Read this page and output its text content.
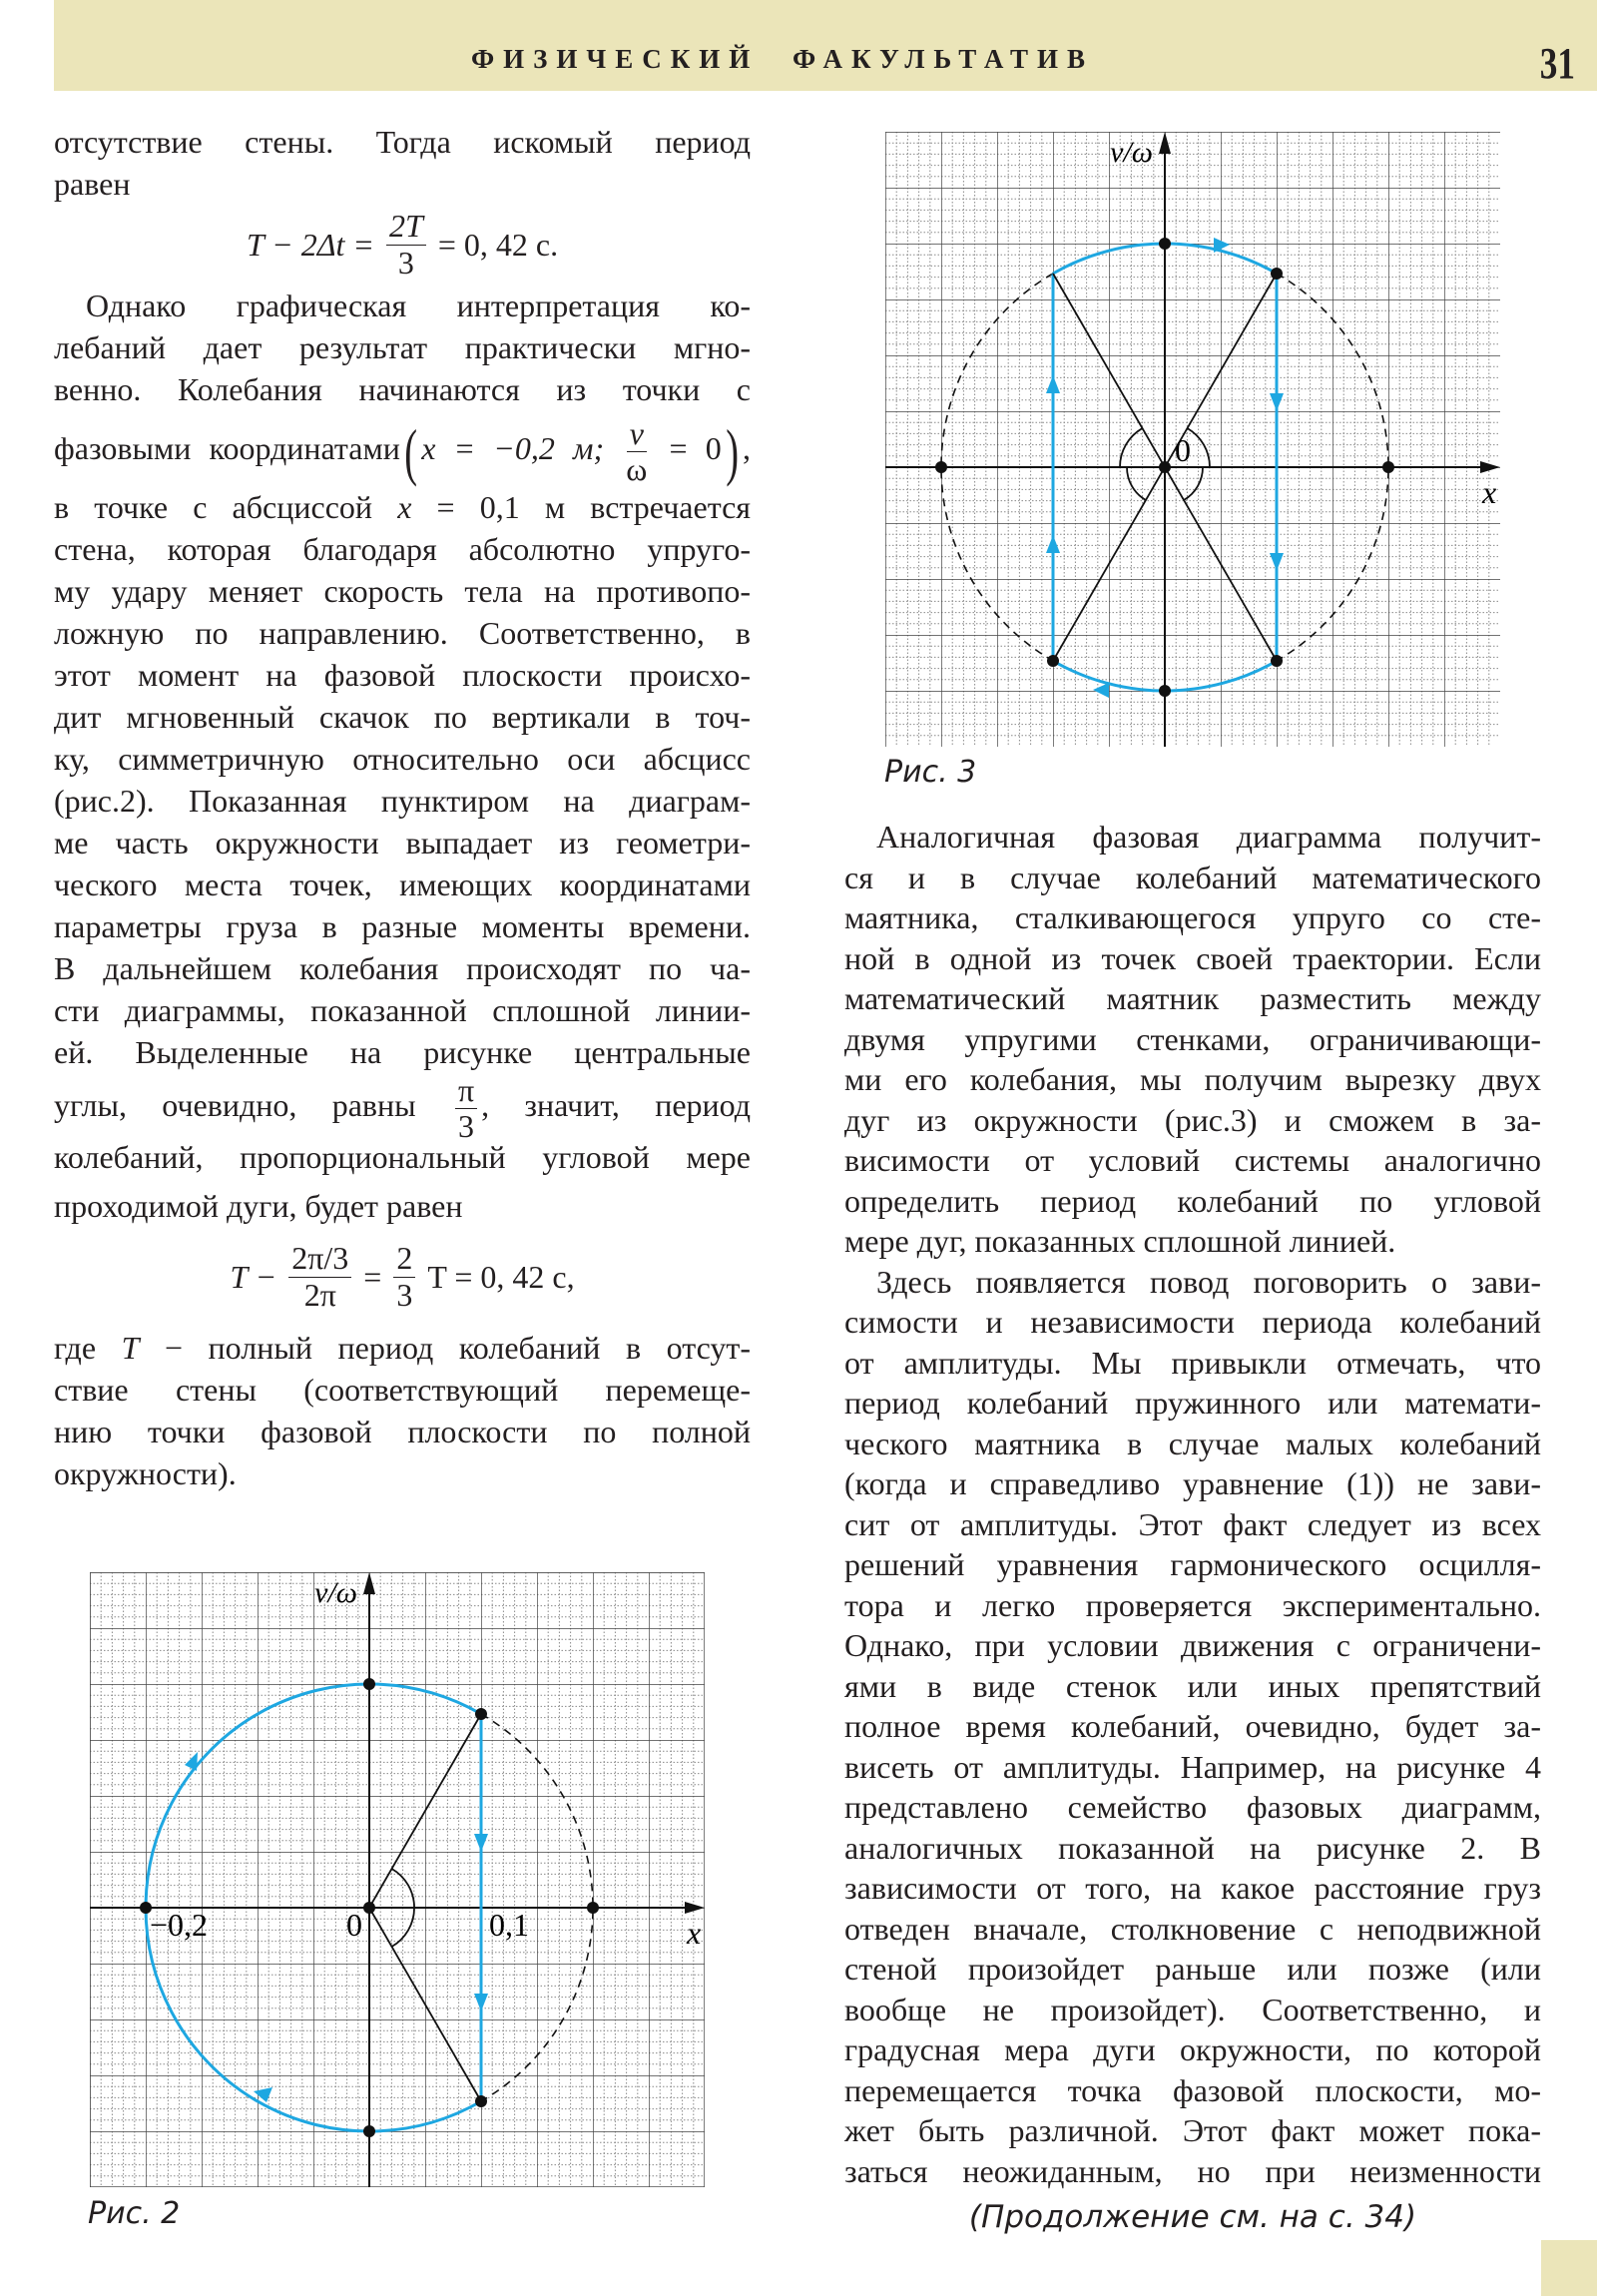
ФИЗИЧЕСКИЙ ФАКУЛЬТАТИВ	31
отсутствие стены. Тогда искомый период
равен
$T - 2\Delta t = \frac{2T}{3} = 0$, 42 с.
Однако графическая интерпретация ко-
лебаний дает результат практически мгно-
венно. Колебания начинаются из точки с
фазовыми координатами( x = −0,2 м; $\frac{v}{\omega} = 0$) ,
в точке с абсциссой x = 0,1 м встречается
стена, которая благодаря абсолютно упруго-
му удару меняет скорость тела на противопо-
ложную по направлению. Соответственно, в
этот момент на фазовой плоскости происхо-
дит мгновенный скачок по вертикали в точ-
ку, симметричную относительно оси абсцисс
(рис.2). Показанная пунктиром на диаграм-
ме часть окружности выпадает из геометри-
ческого места точек, имеющих координатами
параметры груза в разные моменты времени.
В дальнейшем колебания происходят по ча-
сти диаграммы, показанной сплошной линии-
ей. Выделенные на рисунке центральные
углы, очевидно, равны $\frac{\pi}{3}$ , значит, период
колебаний, пропорциональный угловой мере
проходимой дуги, будет равен
$T - \frac{2\pi/3}{2\pi} = \frac{2}{3}$ T = 0, 42 с,
где T − полный период колебаний в отсут-
ствие стены (соответствующий перемеще-
нию точки фазовой плоскости по полной
окружности).
Аналогичная фазовая диаграмма получит-
ся и в случае колебаний математического
маятника, сталкивающегося упруго со сте-
ной в одной из точек своей траектории. Если
математический маятник разместить между
двумя упругими стенками, ограничивающи-
ми его колебания, мы получим вырезку двух
дуг из окружности (рис.3) и сможем в за-
висимости от условий системы аналогично
определить период колебаний по угловой
мере дуг, показанных сплошной линией.
Здесь появляется повод поговорить о зави-
симости и независимости периода колебаний
от амплитуды. Мы привыкли отмечать, что
период колебаний пружинного или математи-
ческого маятника в случае малых колебаний
(когда и справедливо уравнение (1)) не зави-
сит от амплитуды. Этот факт следует из всех
решений уравнения гармонического осцилля-
тора и легко проверяется экспериментально.
Однако, при условии движения с ограничени-
ями в виде стенок или иных препятствий
полное время колебаний, очевидно, будет за-
висеть от амплитуды. Например, на рисунке 4
представлено семейство фазовых диаграмм,
аналогичных показанной на рисунке 2. В
зависимости от того, на какое расстояние груз
отведен вначале, столкновение с неподвижной
стеной произойдет раньше или позже (или
вообще не произойдет). Соответственно, и
градусная мера дуги окружности, по которой
перемещается точка фазовой плоскости, мо-
жет быть различной. Этот факт может пока-
заться неожиданным, но при неизменности
(Продолжение см. на с. 34)
v/ω
x
0
Рис. 3
v/ω
x
−0,2	0	0,1
Рис. 2
